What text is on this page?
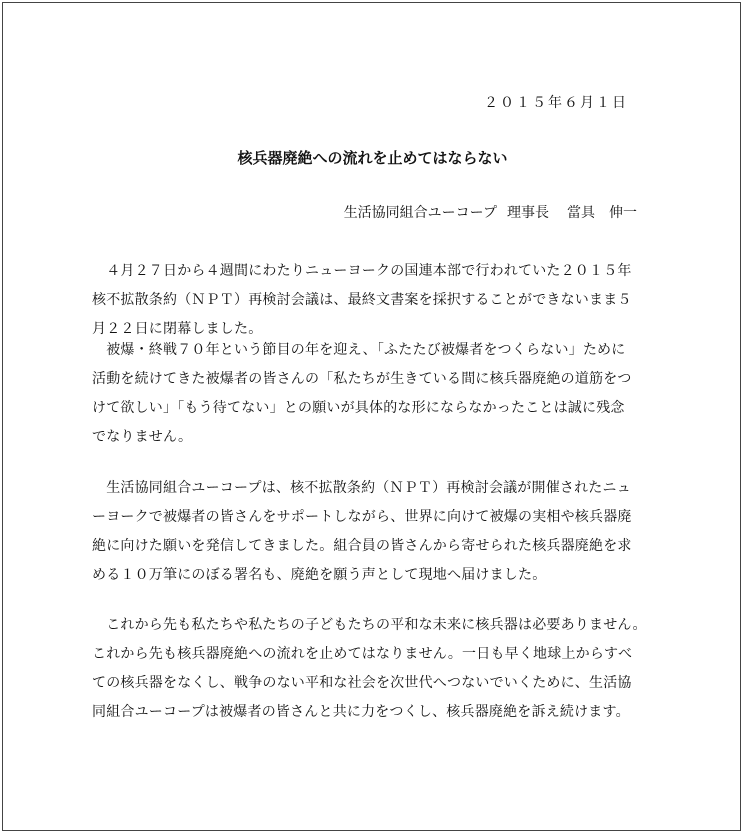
２０１５年６月１日
核兵器廃絶への流れを止めてはならない
生活協同組合ユーコープ 理事長 當具 伸一
　４月２７日から４週間にわたりニューヨークの国連本部で行われていた２０１５年
核不拡散条約（ＮＰＴ）再検討会議は、最終文書案を採択することができないまま５
月２２日に閉幕しました。
　被爆・終戦７０年という節目の年を迎え、「ふたたび被爆者をつくらない」ために
活動を続けてきた被爆者の皆さんの「私たちが生きている間に核兵器廃絶の道筋をつ
けて欲しい」「もう待てない」との願いが具体的な形にならなかったことは誠に残念
でなりません。
　生活協同組合ユーコープは、核不拡散条約（ＮＰＴ）再検討会議が開催されたニュ
ーヨークで被爆者の皆さんをサポートしながら、世界に向けて被爆の実相や核兵器廃
絶に向けた願いを発信してきました。組合員の皆さんから寄せられた核兵器廃絶を求
める１０万筆にのぼる署名も、廃絶を願う声として現地へ届けました。
　これから先も私たちや私たちの子どもたちの平和な未来に核兵器は必要ありません。
これから先も核兵器廃絶への流れを止めてはなりません。一日も早く地球上からすべ
ての核兵器をなくし、戦争のない平和な社会を次世代へつないでいくために、生活協
同組合ユーコープは被爆者の皆さんと共に力をつくし、核兵器廃絶を訴え続けます。
